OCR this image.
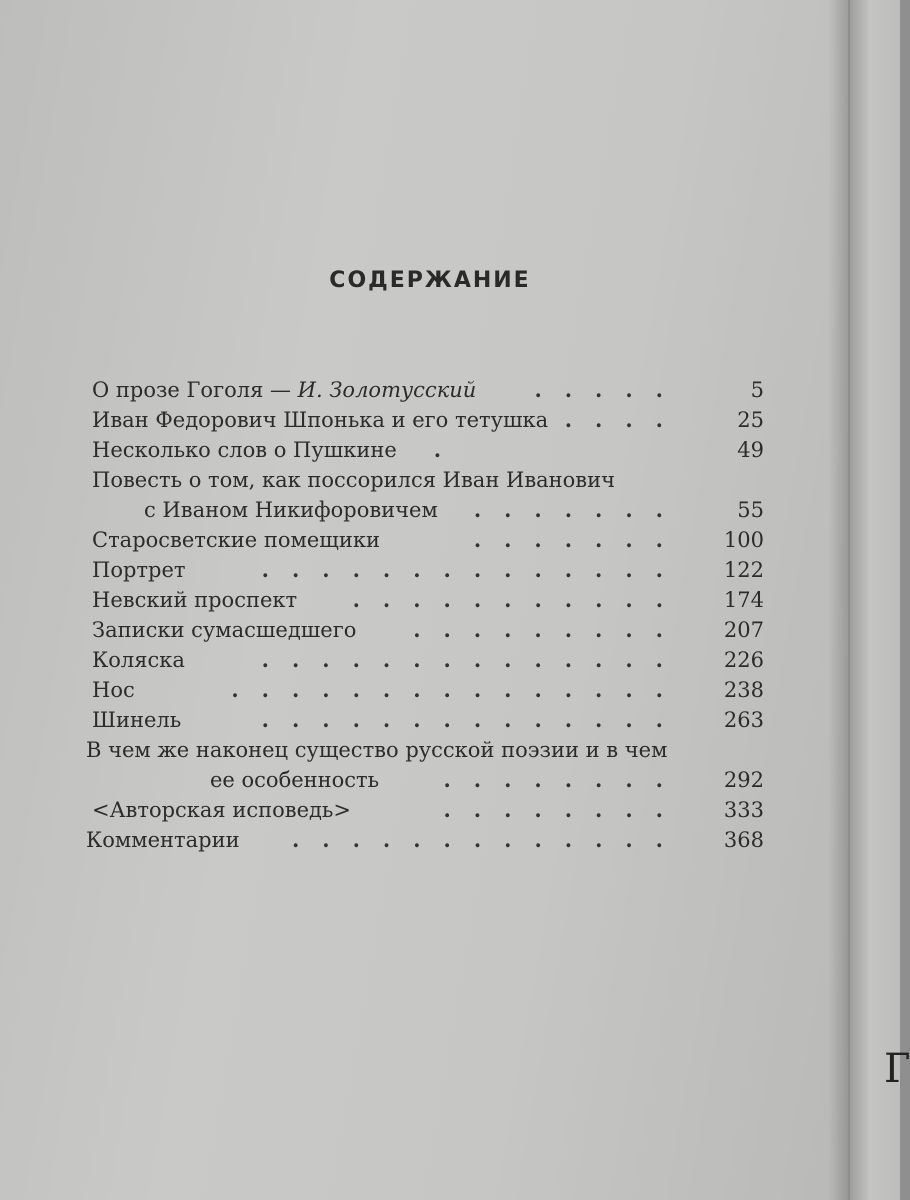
СОДЕРЖАНИЕ
О прозе Гоголя — И. Золотусский	.....	5
Иван Федорович Шпонька и его тетушка .... 25
Несколько слов о Пушкине .	49
Повесть о том, как поссорился Иван Иванович
с Иваном Никифоровичем ....... 55
Старосветские помещики	....... 100
Портрет	.............. 122
Невский проспект	........... 174
Записки сумасшедшего	......... 207
Коляска	.............. 226
Нос	............... 238
Шинель	.............. 263
В чем же наконец существо русской поэзии и в чем
ее особенность	........ 292
<Авторская исповедь>	........ 333
Комментарии ............. 368
Г
